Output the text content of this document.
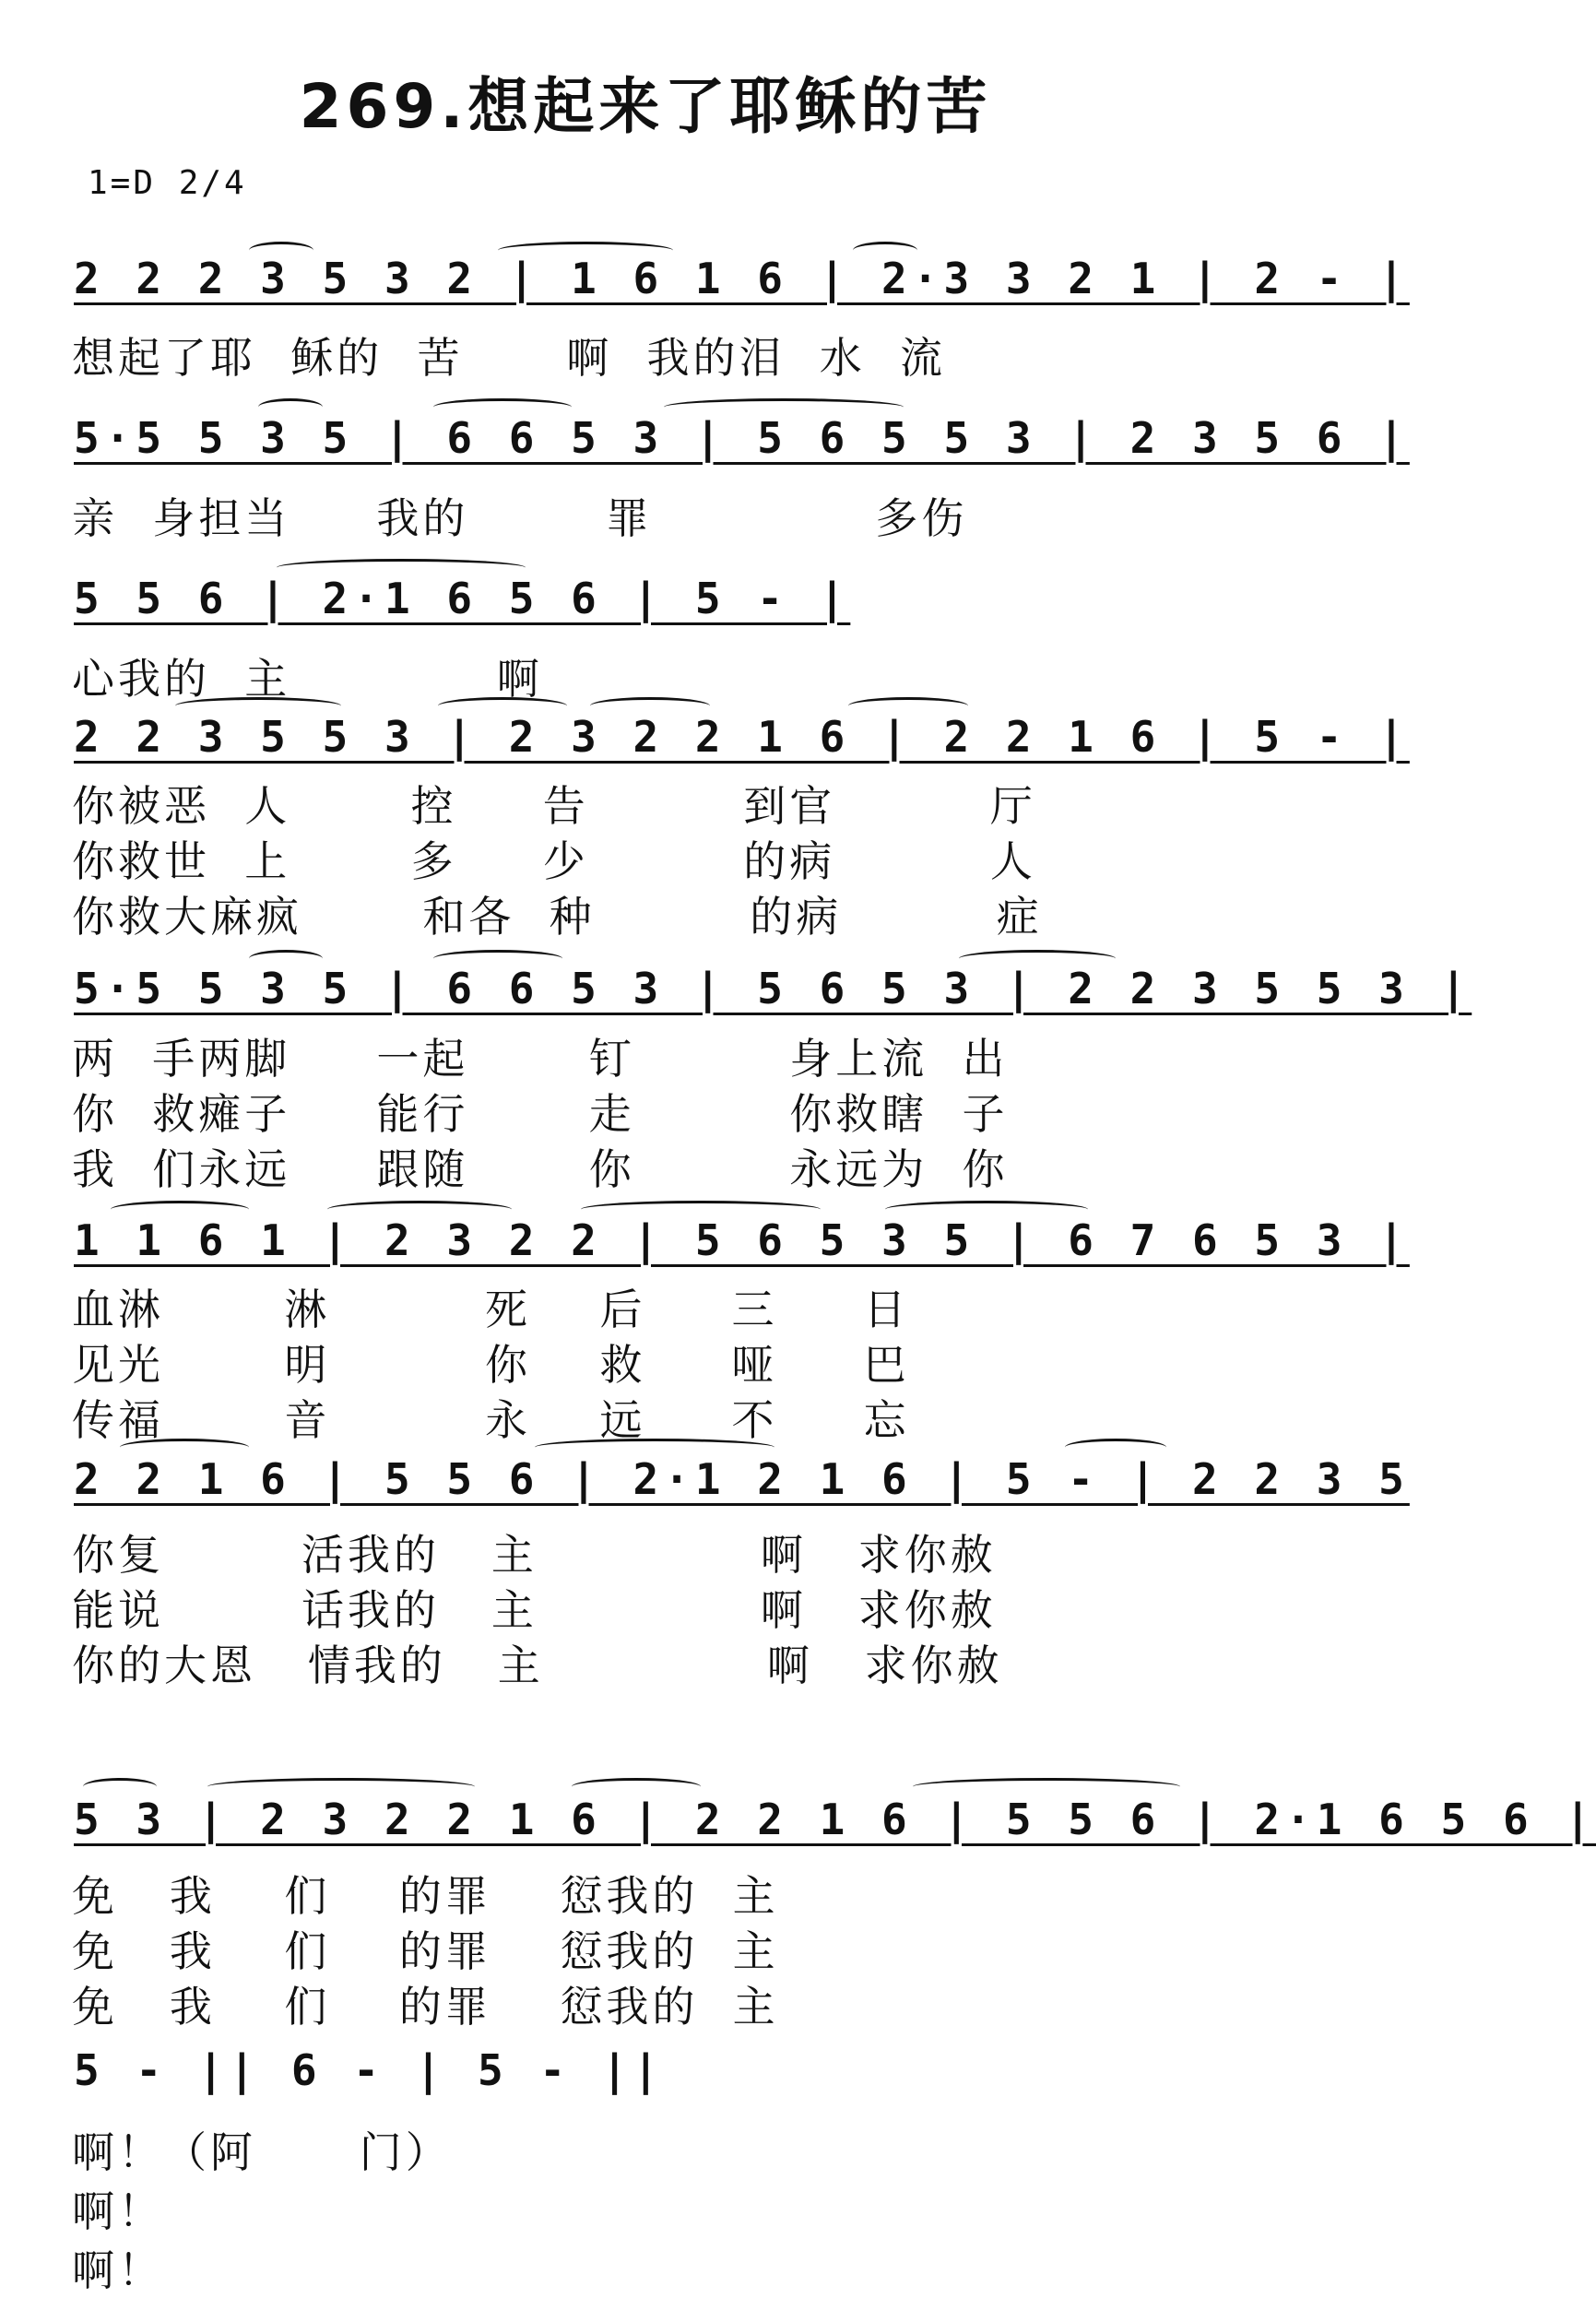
269.想起来了耶稣的苦
1=D 2/4
2 2 2 3 5 3 2 | 1 6 1 6 | 2·3 3 2 1 | 2 - |
想起了耶  稣的  苦      啊  我的泪  水  流
5·5 5 3 5 | 6 6 5 3 | 5 6 5 5 3 | 2 3 5 6 |
亲  身担当     我的        罪             多伤
5 5 6 | 2·1 6 5 6 | 5 - |
心我的  主            啊
2 2 3 5 5 3 | 2 3 2 2 1 6 | 2 2 1 6 | 5 - |
你被恶  人       控     告         到官         厅
你救世  上       多     少         的病         人
你救大麻疯       和各  种         的病         症
5·5 5 3 5 | 6 6 5 3 | 5 6 5 3 | 2 2 3 5 5 3 |
两  手两脚     一起       钉         身上流  出
你  救瘫子     能行       走         你救瞎  子
我  们永远     跟随       你         永远为  你
1 1 6 1 | 2 3 2 2 | 5 6 5 3 5 | 6 7 6 5 3 |
血淋       淋         死    后     三     日
见光       明         你    救     哑     巴
传福       音         永    远     不     忘
2 2 1 6 | 5 5 6 | 2·1 2 1 6 | 5 - | 2 2 3 5
你复        活我的   主             啊   求你赦
能说        话我的   主             啊   求你赦
你的大恩   情我的   主             啊   求你赦
5 3 | 2 3 2 2 1 6 | 2 2 1 6 | 5 5 6 | 2·1 6 5 6 |
免   我    们    的罪    愆我的  主
免   我    们    的罪    愆我的  主
免   我    们    的罪    愆我的  主
5 - || 6 - | 5 - ||
啊！（阿      门）
啊！
啊！
